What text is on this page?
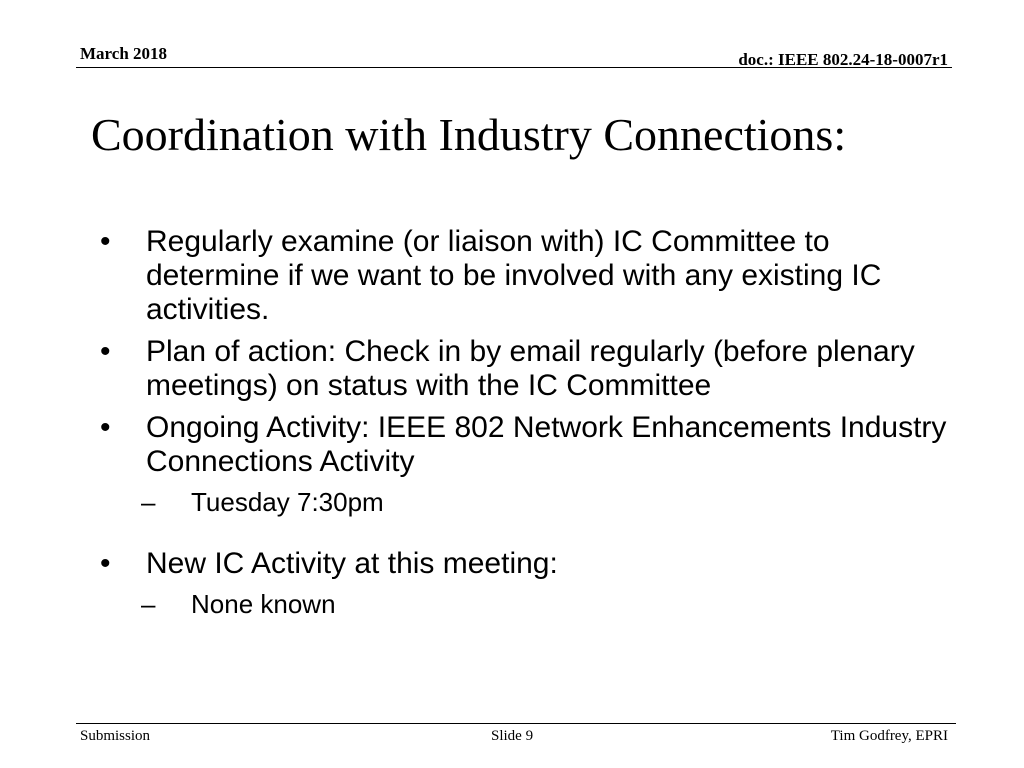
March 2018	doc.: IEEE 802.24-18-0007r1
Coordination with Industry Connections:
• Regularly examine (or liaison with) IC Committee to determine if we want to be involved with any existing IC activities.
• Plan of action: Check in by email regularly (before plenary meetings) on status with the IC Committee
• Ongoing Activity: IEEE 802 Network Enhancements Industry Connections Activity
– Tuesday 7:30pm
• New IC Activity at this meeting:
– None known
Submission	Slide 9	Tim Godfrey, EPRI
